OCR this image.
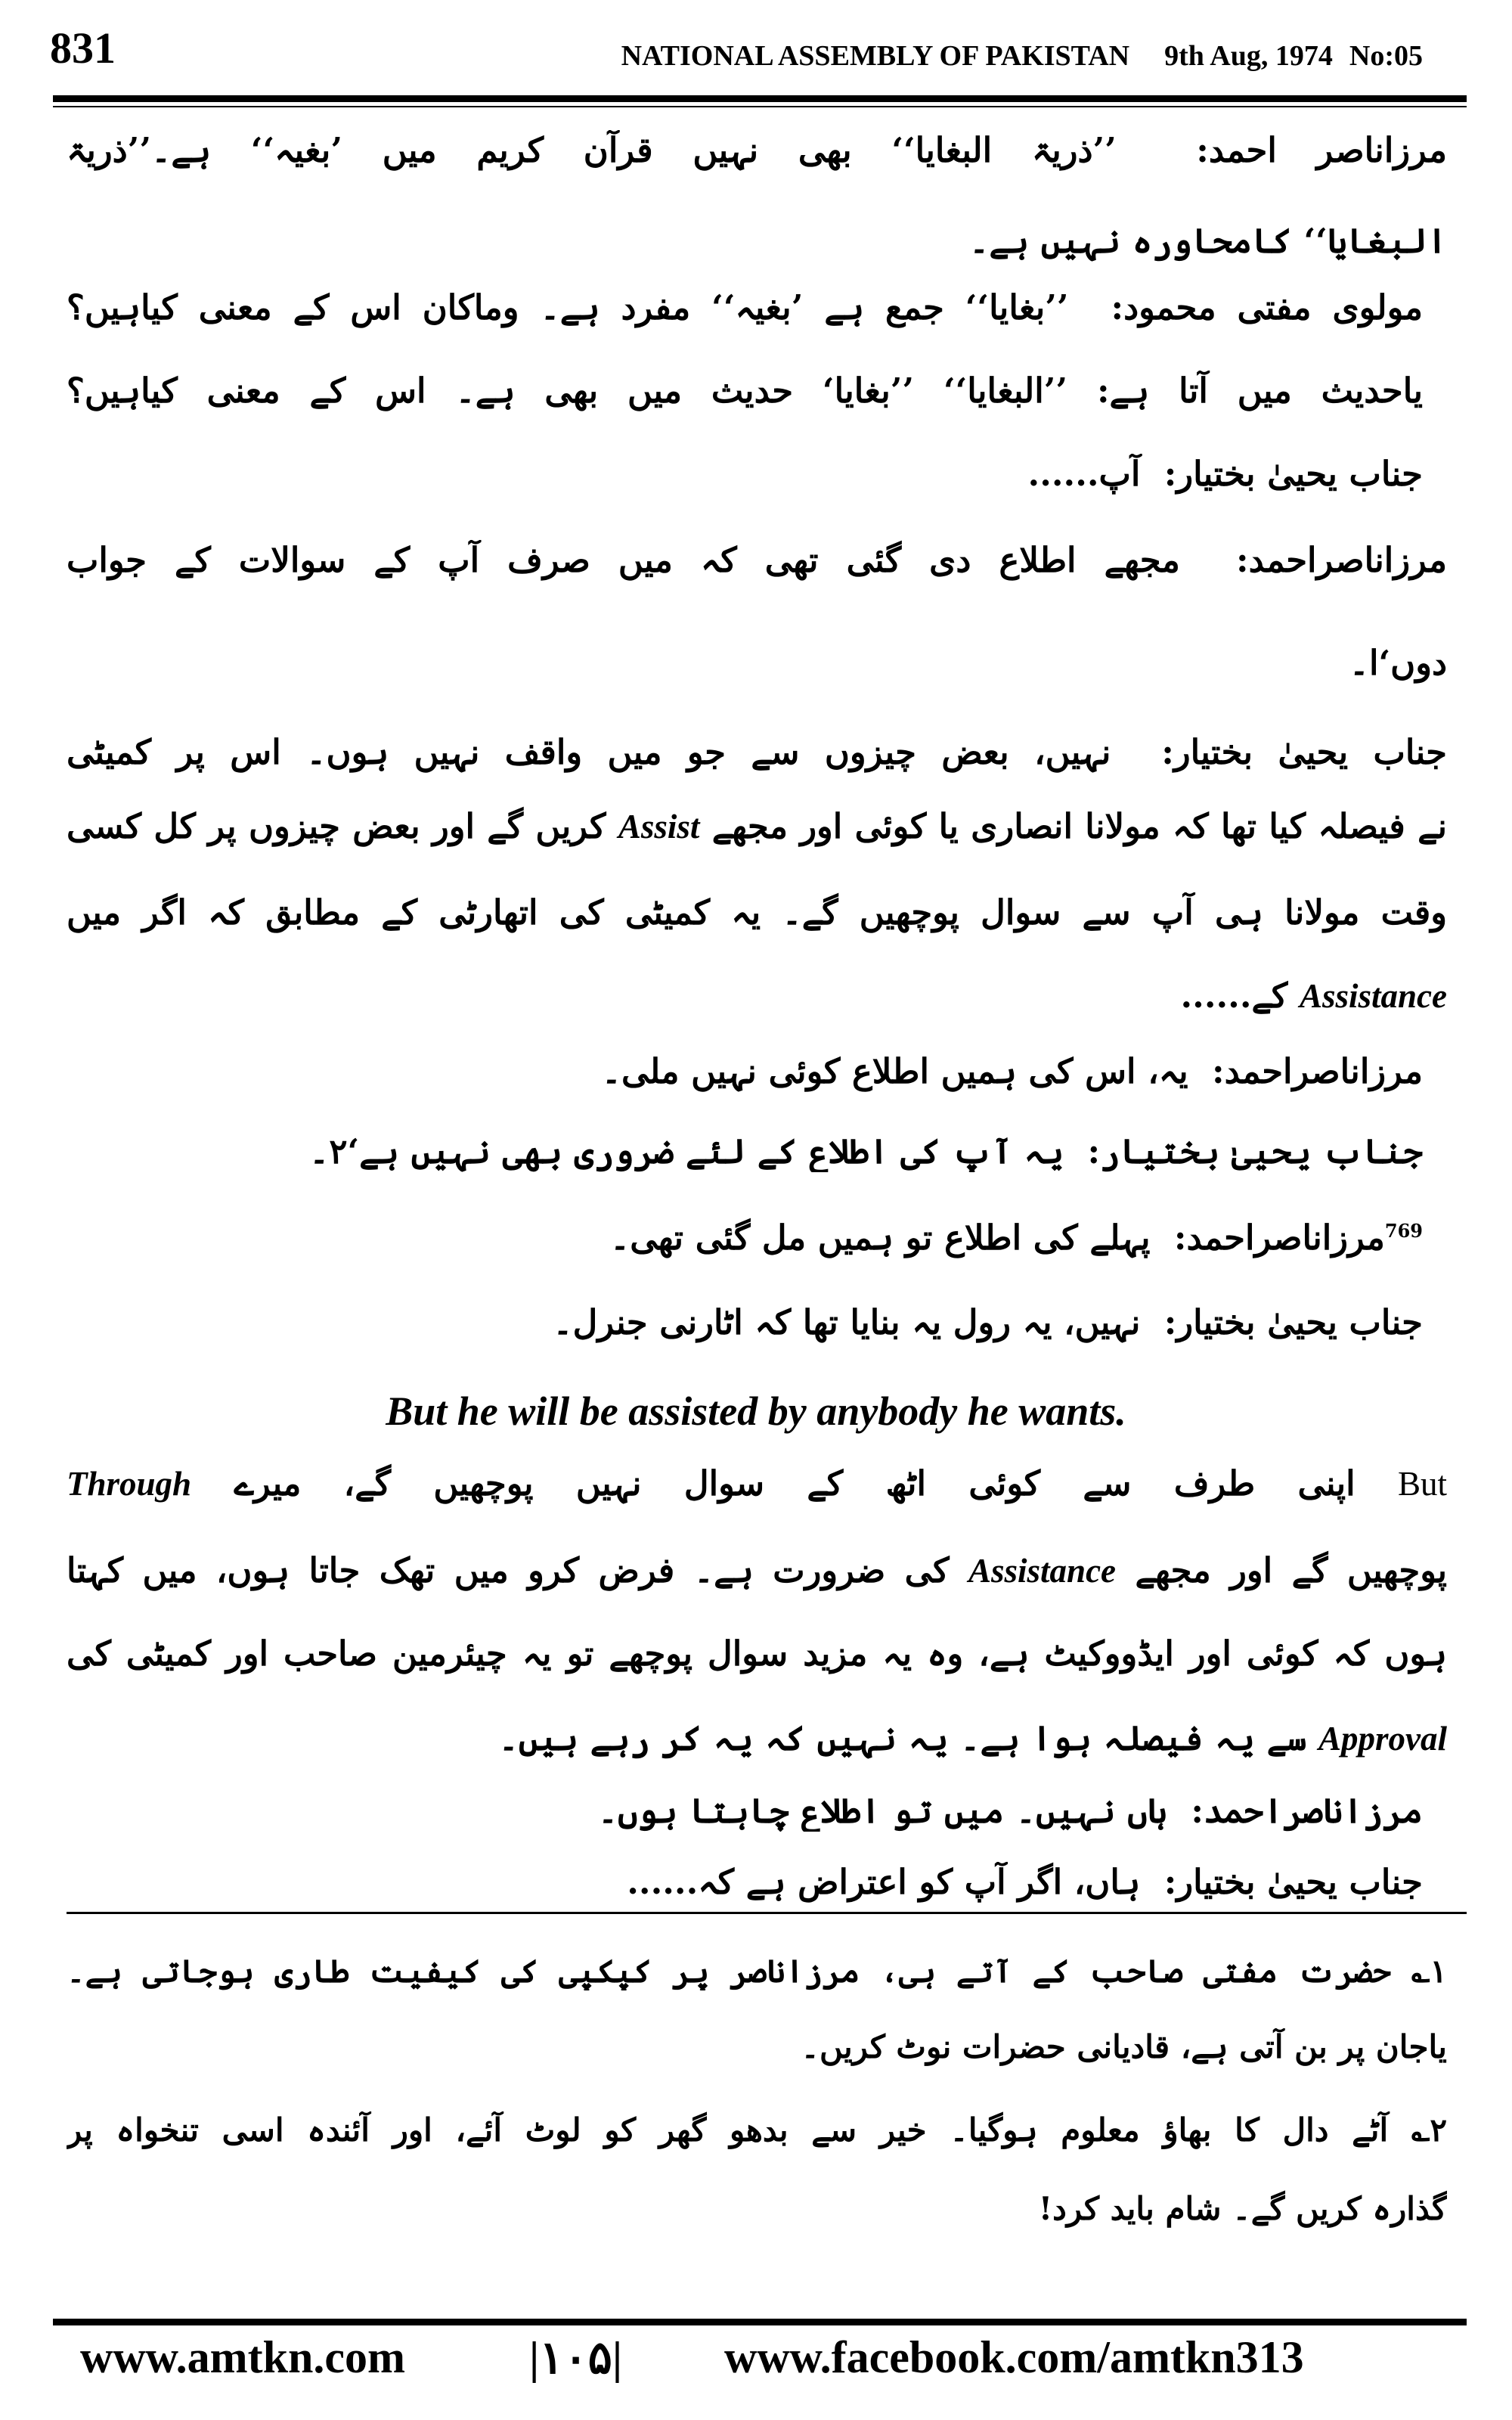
831	NATIONAL ASSEMBLY OF PAKISTAN 9th Aug, 1974 No:05
مرزاناصر احمد:  ’’ذریۃ البغایا‘‘ بھی نہیں قرآن کریم میں ’بغیہ‘‘ ہے۔’’ذریۃ
البغایا‘‘ کامحاورہ نہیں ہے۔
مولوی مفتی محمود:  ’’بغایا‘‘ جمع ہے ’بغیہ‘‘ مفرد ہے۔ وماکان اس کے معنی کیاہیں؟
یاحدیث میں آتا ہے: ’’البغایا‘‘ ’’بغایا‘ حدیث میں بھی ہے۔ اس کے معنی کیاہیں؟
جناب یحییٰ بختیار:  آپ......
مرزاناصراحمد:  مجھے اطلاع دی گئی تھی کہ میں صرف آپ کے سوالات کے جواب
دوں‘ا۔
جناب یحییٰ بختیار:  نہیں، بعض چیزوں سے جو میں واقف نہیں ہوں۔ اس پر کمیٹی
نے فیصلہ کیا تھا کہ مولانا انصاری یا کوئی اور مجھے Assist کریں گے اور بعض چیزوں پر کل کسی
وقت مولانا ہی آپ سے سوال پوچھیں گے۔ یہ کمیٹی کی اتھارٹی کے مطابق کہ اگر میں
Assistance کے......
مرزاناصراحمد:  یہ، اس کی ہمیں اطلاع کوئی نہیں ملی۔
جناب یحییٰ بختیار:  یہ آپ کی اطلاع کے لئے ضروری بھی نہیں ہے‘۲۔
$^{769}$مرزاناصراحمد:  پہلے کی اطلاع تو ہمیں مل گئی تھی۔
جناب یحییٰ بختیار:  نہیں، یہ رول یہ بنایا تھا کہ اٹارنی جنرل۔
But he will be assisted by anybody he wants.
But اپنی طرف سے کوئی اٹھ کے سوال نہیں پوچھیں گے، میرے Through
پوچھیں گے اور مجھے Assistance کی ضرورت ہے۔ فرض کرو میں تھک جاتا ہوں، میں کہتا
ہوں کہ کوئی اور ایڈووکیٹ ہے، وہ یہ مزید سوال پوچھے تو یہ چیئرمین صاحب اور کمیٹی کی
Approval سے یہ فیصلہ ہوا ہے۔ یہ نہیں کہ یہ کر رہے ہیں۔
مرزاناصراحمد:  ہاں نہیں۔ میں تو اطلاع چاہتا ہوں۔
جناب یحییٰ بختیار:  ہاں، اگر آپ کو اعتراض ہے کہ......
۱؎ حضرت مفتی صاحب کے آتے ہی، مرزاناصر پر کپکپی کی کیفیت طاری ہوجاتی ہے۔
یاجان پر بن آتی ہے، قادیانی حضرات نوٹ کریں۔
۲؎ آٹے دال کا بھاؤ معلوم ہوگیا۔ خیر سے بدھو گھر کو لوٹ آئے، اور آئندہ اسی تنخواہ پر
گذارہ کریں گے۔ شام باید کرد!
www.amtkn.com	|۱۰۵| www.facebook.com/amtkn313
